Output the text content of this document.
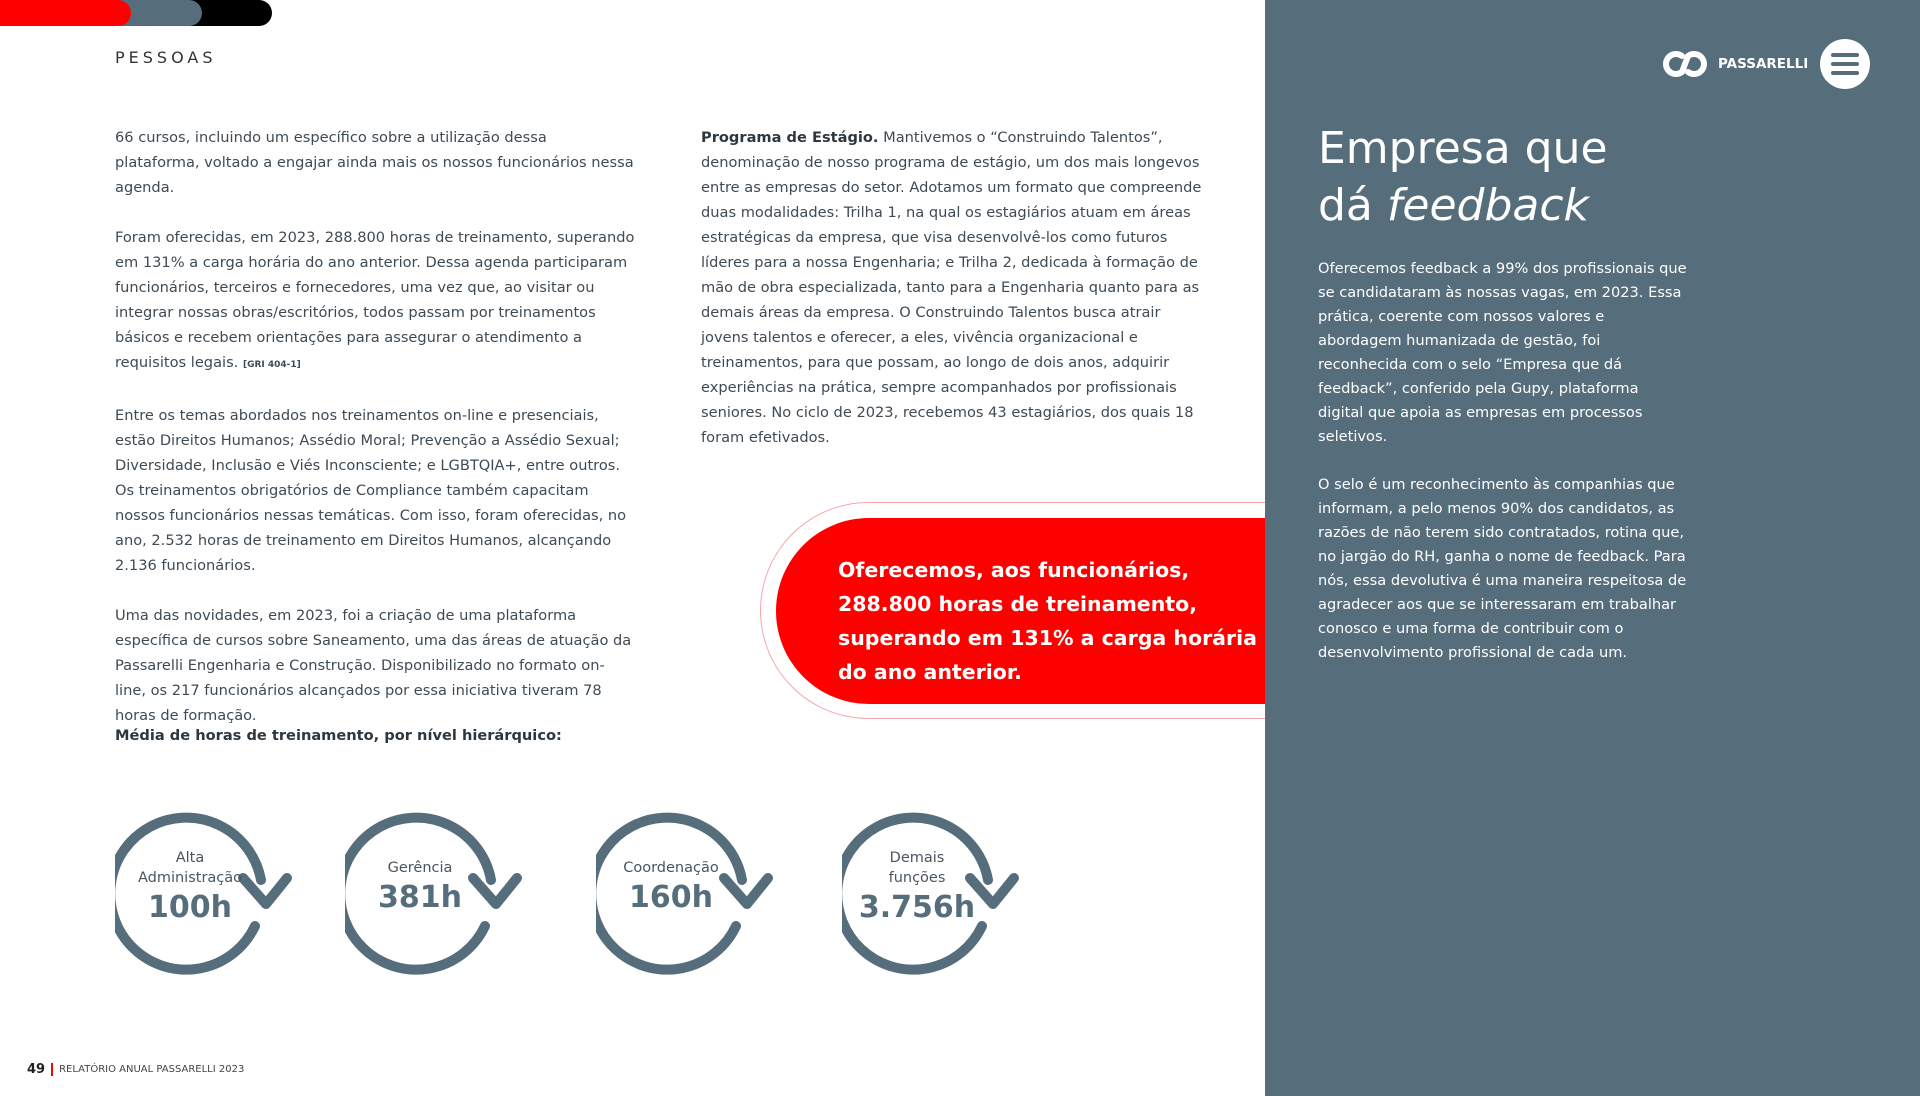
PESSOAS

66 cursos, incluindo um específico sobre a utilização dessa plataforma, voltado a engajar ainda mais os nossos funcionários nessa agenda.

Foram oferecidas, em 2023, 288.800 horas de treinamento, superando em 131% a carga horária do ano anterior. Dessa agenda participaram funcionários, terceiros e fornecedores, uma vez que, ao visitar ou integrar nossas obras/escritórios, todos passam por treinamentos básicos e recebem orientações para assegurar o atendimento a requisitos legais. [GRI 404-1]

Entre os temas abordados nos treinamentos on-line e presenciais, estão Direitos Humanos; Assédio Moral; Prevenção a Assédio Sexual; Diversidade, Inclusão e Viés Inconsciente; e LGBTQIA+, entre outros. Os treinamentos obrigatórios de Compliance também capacitam nossos funcionários nessas temáticas. Com isso, foram oferecidas, no ano, 2.532 horas de treinamento em Direitos Humanos, alcançando 2.136 funcionários.

Uma das novidades, em 2023, foi a criação de uma plataforma específica de cursos sobre Saneamento, uma das áreas de atuação da Passarelli Engenharia e Construção. Disponibilizado no formato on-line, os 217 funcionários alcançados por essa iniciativa tiveram 78 horas de formação.

Programa de Estágio. Mantivemos o “Construindo Talentos”, denominação de nosso programa de estágio, um dos mais longevos entre as empresas do setor. Adotamos um formato que compreende duas modalidades: Trilha 1, na qual os estagiários atuam em áreas estratégicas da empresa, que visa desenvolvê-los como futuros líderes para a nossa Engenharia; e Trilha 2, dedicada à formação de mão de obra especializada, tanto para a Engenharia quanto para as demais áreas da empresa. O Construindo Talentos busca atrair jovens talentos e oferecer, a eles, vivência organizacional e treinamentos, para que possam, ao longo de dois anos, adquirir experiências na prática, sempre acompanhados por profissionais seniores. No ciclo de 2023, recebemos 43 estagiários, dos quais 18 foram efetivados.

Média de horas de treinamento, por nível hierárquico:
Alta
Administração
100h
Gerência
381h
Coordenação
160h
Demais
funções
3.756h
Oferecemos, aos funcionários, 288.800 horas de treinamento, superando em 131% a carga horária do ano anterior.
PASSARELLI
Empresa que
dá feedback

Oferecemos feedback a 99% dos profissionais que se candidataram às nossas vagas, em 2023. Essa prática, coerente com nossos valores e abordagem humanizada de gestão, foi reconhecida com o selo “Empresa que dá feedback”, conferido pela Gupy, plataforma digital que apoia as empresas em processos seletivos.

O selo é um reconhecimento às companhias que informam, a pelo menos 90% dos candidatos, as razões de não terem sido contratados, rotina que, no jargão do RH, ganha o nome de feedback. Para nós, essa devolutiva é uma maneira respeitosa de agradecer aos que se interessaram em trabalhar conosco e uma forma de contribuir com o desenvolvimento profissional de cada um.

49 RELATÓRIO ANUAL PASSARELLI 2023
